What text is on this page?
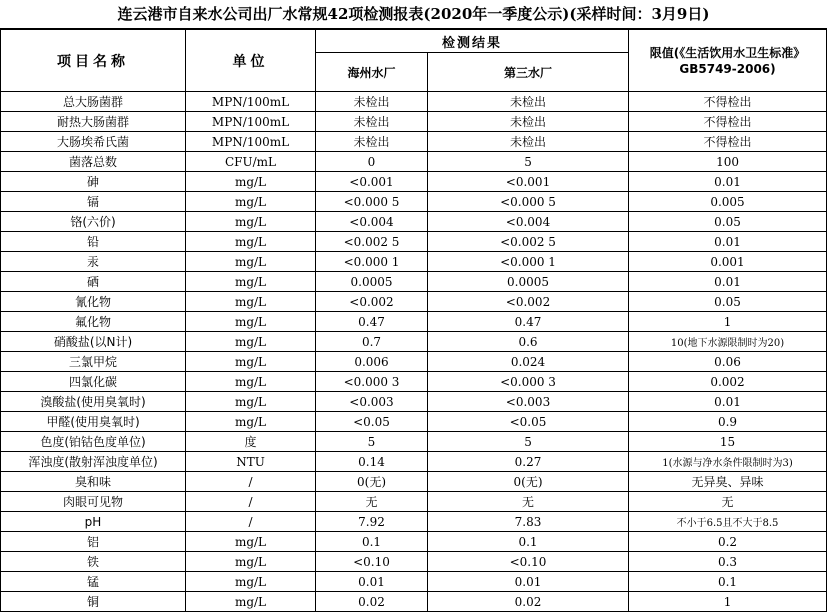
连云港市自来水公司出厂水常规42项检测报表(2020年一季度公示)(采样时间：3月9日)
项目名称	单位	检测结果		限值(《生活饮用水卫生标准》GB5749-2006)
		海州水厂	第三水厂	
总大肠菌群	MPN/100mL	未检出	未检出	不得检出
耐热大肠菌群	MPN/100mL	未检出	未检出	不得检出
大肠埃希氏菌	MPN/100mL	未检出	未检出	不得检出
菌落总数	CFU/mL	0	5	100
砷	mg/L	<0.001	<0.001	0.01
镉	mg/L	<0.000 5	<0.000 5	0.005
铬(六价)	mg/L	<0.004	<0.004	0.05
铅	mg/L	<0.002 5	<0.002 5	0.01
汞	mg/L	<0.000 1	<0.000 1	0.001
硒	mg/L	0.0005	0.0005	0.01
氰化物	mg/L	<0.002	<0.002	0.05
氟化物	mg/L	0.47	0.47	1
硝酸盐(以N计)	mg/L	0.7	0.6	10(地下水源限制时为20)
三氯甲烷	mg/L	0.006	0.024	0.06
四氯化碳	mg/L	<0.000 3	<0.000 3	0.002
溴酸盐(使用臭氧时)	mg/L	<0.003	<0.003	0.01
甲醛(使用臭氧时)	mg/L	<0.05	<0.05	0.9
色度(铂钴色度单位)	度	5	5	15
浑浊度(散射浑浊度单位)	NTU	0.14	0.27	1(水源与净水条件限制时为3)
臭和味	/	0(无)	0(无)	无异臭、异味
肉眼可见物	/	无	无	无
pH	/	7.92	7.83	不小于6.5且不大于8.5
铝	mg/L	0.1	0.1	0.2
铁	mg/L	<0.10	<0.10	0.3
锰	mg/L	0.01	0.01	0.1
铜	mg/L	0.02	0.02	1
